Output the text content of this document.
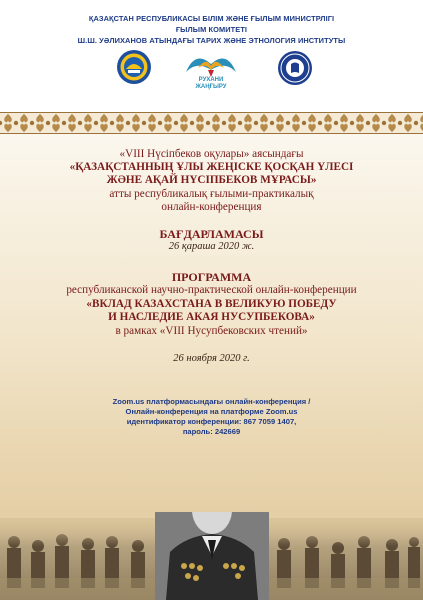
ҚАЗАҚСТАН РЕСПУБЛИКАСЫ БІЛІМ ЖӘНЕ ҒЫЛЫМ МИНИСТРЛІГІ
ҒЫЛЫМ КОМИТЕТІ
Ш.Ш. УӘЛИХАНОВ АТЫНДАҒЫ ТАРИХ ЖӘНЕ ЭТНОЛОГИЯ ИНСТИТУТЫ
РУХАНИ
ЖАҢҒЫРУ
«VIII Нүсіпбеков оқулары» аясындағы
«ҚАЗАҚСТАННЫҢ ҰЛЫ ЖЕҢІСКЕ ҚОСҚАН ҮЛЕСІ
ЖӘНЕ АҚАЙ НҮСІПБЕКОВ МҰРАСЫ»
атты республикалық ғылыми-практикалық
онлайн-конференция
БАҒДАРЛАМАСЫ
26 қараша 2020 ж.
ПРОГРАММА
республиканской научно-практической онлайн-конференции
«ВКЛАД КАЗАХСТАНА В ВЕЛИКУЮ ПОБЕДУ
И НАСЛЕДИЕ АКАЯ НУСУПБЕКОВА»
в рамках «VIII Нусупбековских чтений»
26 ноября 2020 г.
Zoom.us платформасындағы онлайн-конференция /
Онлайн-конференция на платформе Zoom.us
идентификатор конференции: 867 7059 1407,
пароль: 242669
